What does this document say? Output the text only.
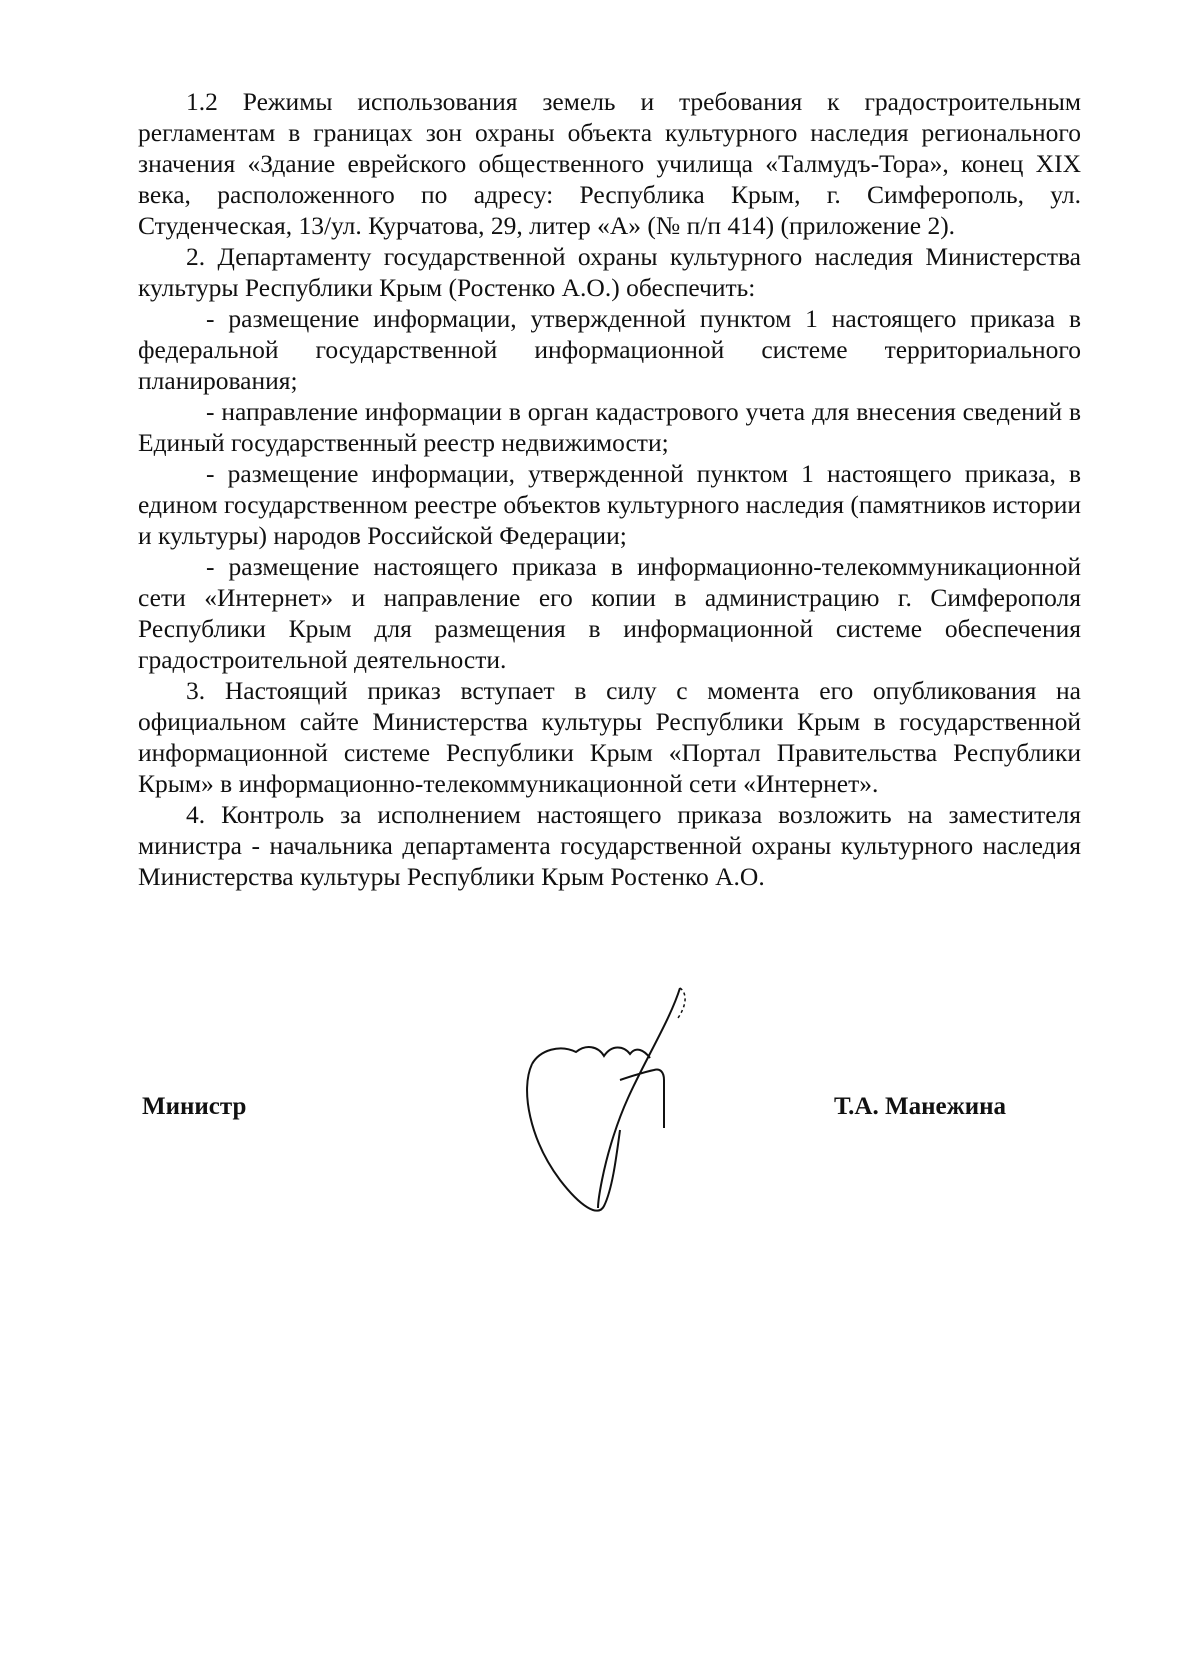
1.2 Режимы использования земель и требования к градостроительным регламентам в границах зон охраны объекта культурного наследия регионального значения «Здание еврейского общественного училища «Талмудъ-Тора», конец XIX века, расположенного по адресу: Республика Крым, г. Симферополь, ул. Студенческая, 13/ул. Курчатова, 29, литер «А» (№ п/п 414) (приложение 2).

2. Департаменту государственной охраны культурного наследия Министерства культуры Республики Крым (Ростенко А.О.) обеспечить:

- размещение информации, утвержденной пунктом 1 настоящего приказа в федеральной государственной информационной системе территориального планирования;

- направление информации в орган кадастрового учета для внесения сведений в Единый государственный реестр недвижимости;

- размещение информации, утвержденной пунктом 1 настоящего приказа, в едином государственном реестре объектов культурного наследия (памятников истории и культуры) народов Российской Федерации;

- размещение настоящего приказа в информационно-телекоммуникационной сети «Интернет» и направление его копии в администрацию г. Симферополя Республики Крым для размещения в информационной системе обеспечения градостроительной деятельности.

3. Настоящий приказ вступает в силу с момента его опубликования на официальном сайте Министерства культуры Республики Крым в государственной информационной системе Республики Крым «Портал Правительства Республики Крым» в информационно-телекоммуникационной сети «Интернет».

4. Контроль за исполнением настоящего приказа возложить на заместителя министра - начальника департамента государственной охраны культурного наследия Министерства культуры Республики Крым Ростенко А.О.

Министр	Т.А. Манежина
